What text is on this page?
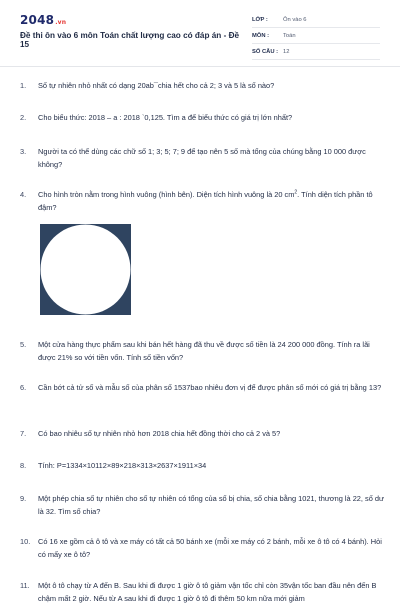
2048.vn
Đề thi ôn vào 6 môn Toán chất lượng cao có đáp án - Đề 15
LỚP :	Ôn vào 6
MÔN :	Toán
SỐ CÂU : 12
1.	Số tự nhiên nhỏ nhất có dạng 20ab¯chia hết cho cả 2; 3 và 5 là số nào?
2.	Cho biểu thức: 2018 – a : 2018 `0,125. Tìm a để biểu thức có giá trị lớn nhất?
3.	Người ta có thể dùng các chữ số 1; 3; 5; 7; 9 để tạo nên 5 số mà tổng của chúng bằng 10 000 được không?
4.	Cho hình tròn nằm trong hình vuông (hình bên). Diện tích hình vuông là 20 $cm^2$. Tính diện tích phần tô đậm?
5.	Một cửa hàng thực phẩm sau khi bán hết hàng đã thu về được số tiền là 24 200 000 đồng. Tính ra lãi được 21% so với tiền vốn. Tính số tiền vốn?
6.	Cần bớt cả tử số và mẫu số của phân số 1537bao nhiêu đơn vị để được phân số mới có giá trị bằng 13?
7.	Có bao nhiêu số tự nhiên nhỏ hơn 2018 chia hết đồng thời cho cả 2 và 5?
8.	Tính: P=1334×10112×89×218×313×2637×1911×34
9.	Một phép chia số tự nhiên cho số tự nhiên có tổng của số bị chia, số chia bằng 1021, thương là 22, số dư là 32. Tìm số chia?
10.	Có 16 xe gồm cả ô tô và xe máy có tất cả 50 bánh xe (mỗi xe máy có 2 bánh, mỗi xe ô tô có 4 bánh). Hỏi có mấy xe ô tô?
11.	Một ô tô chạy từ A đến B. Sau khi đi được 1 giờ ô tô giảm vận tốc chỉ còn 35vận tốc ban đầu nên đến B chậm mất 2 giờ. Nếu từ A sau khi đi được 1 giờ ô tô đi thêm 50 km nữa mới giảm
